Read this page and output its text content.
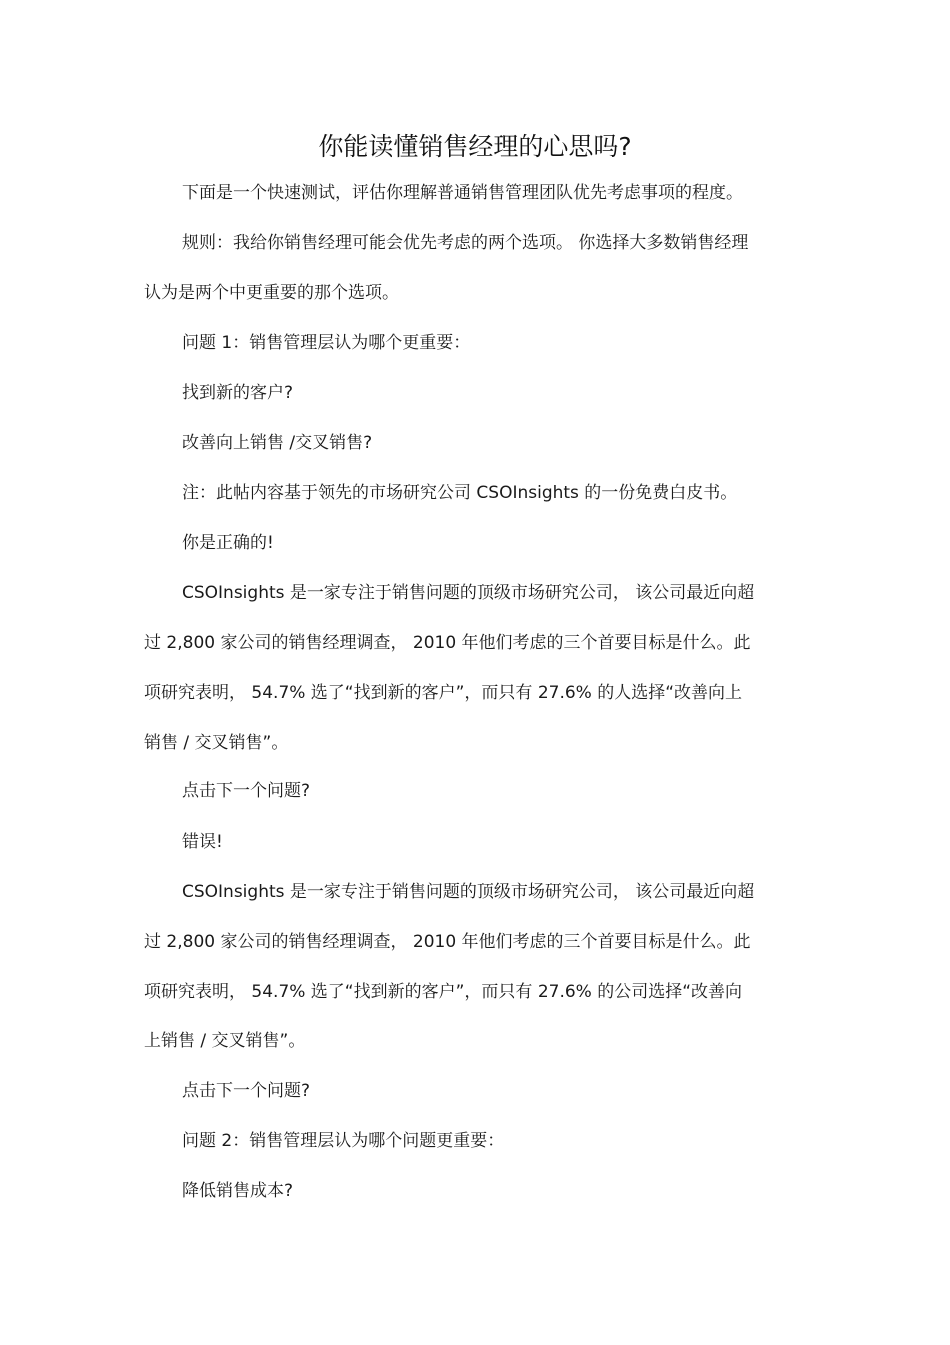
你能读懂销售经理的心思吗?
下面是一个快速测试，评估你理解普通销售管理团队优先考虑事项的程度。
规则：我给你销售经理可能会优先考虑的两个选项。 你选择大多数销售经理
认为是两个中更重要的那个选项。
问题 1：销售管理层认为哪个更重要：
找到新的客户?
改善向上销售 /交叉销售?
注：此帖内容基于领先的市场研究公司 CSOInsights 的一份免费白皮书。
你是正确的!
CSOInsights 是一家专注于销售问题的顶级市场研究公司， 该公司最近向超
过 2,800 家公司的销售经理调查， 2010 年他们考虑的三个首要目标是什么。此
项研究表明， 54.7% 选了“找到新的客户”，而只有 27.6% 的人选择“改善向上
销售 / 交叉销售”。
点击下一个问题?
错误!
CSOInsights 是一家专注于销售问题的顶级市场研究公司， 该公司最近向超
过 2,800 家公司的销售经理调查， 2010 年他们考虑的三个首要目标是什么。此
项研究表明， 54.7% 选了“找到新的客户”，而只有 27.6% 的公司选择“改善向
上销售 / 交叉销售”。
点击下一个问题?
问题 2：销售管理层认为哪个问题更重要：
降低销售成本?
